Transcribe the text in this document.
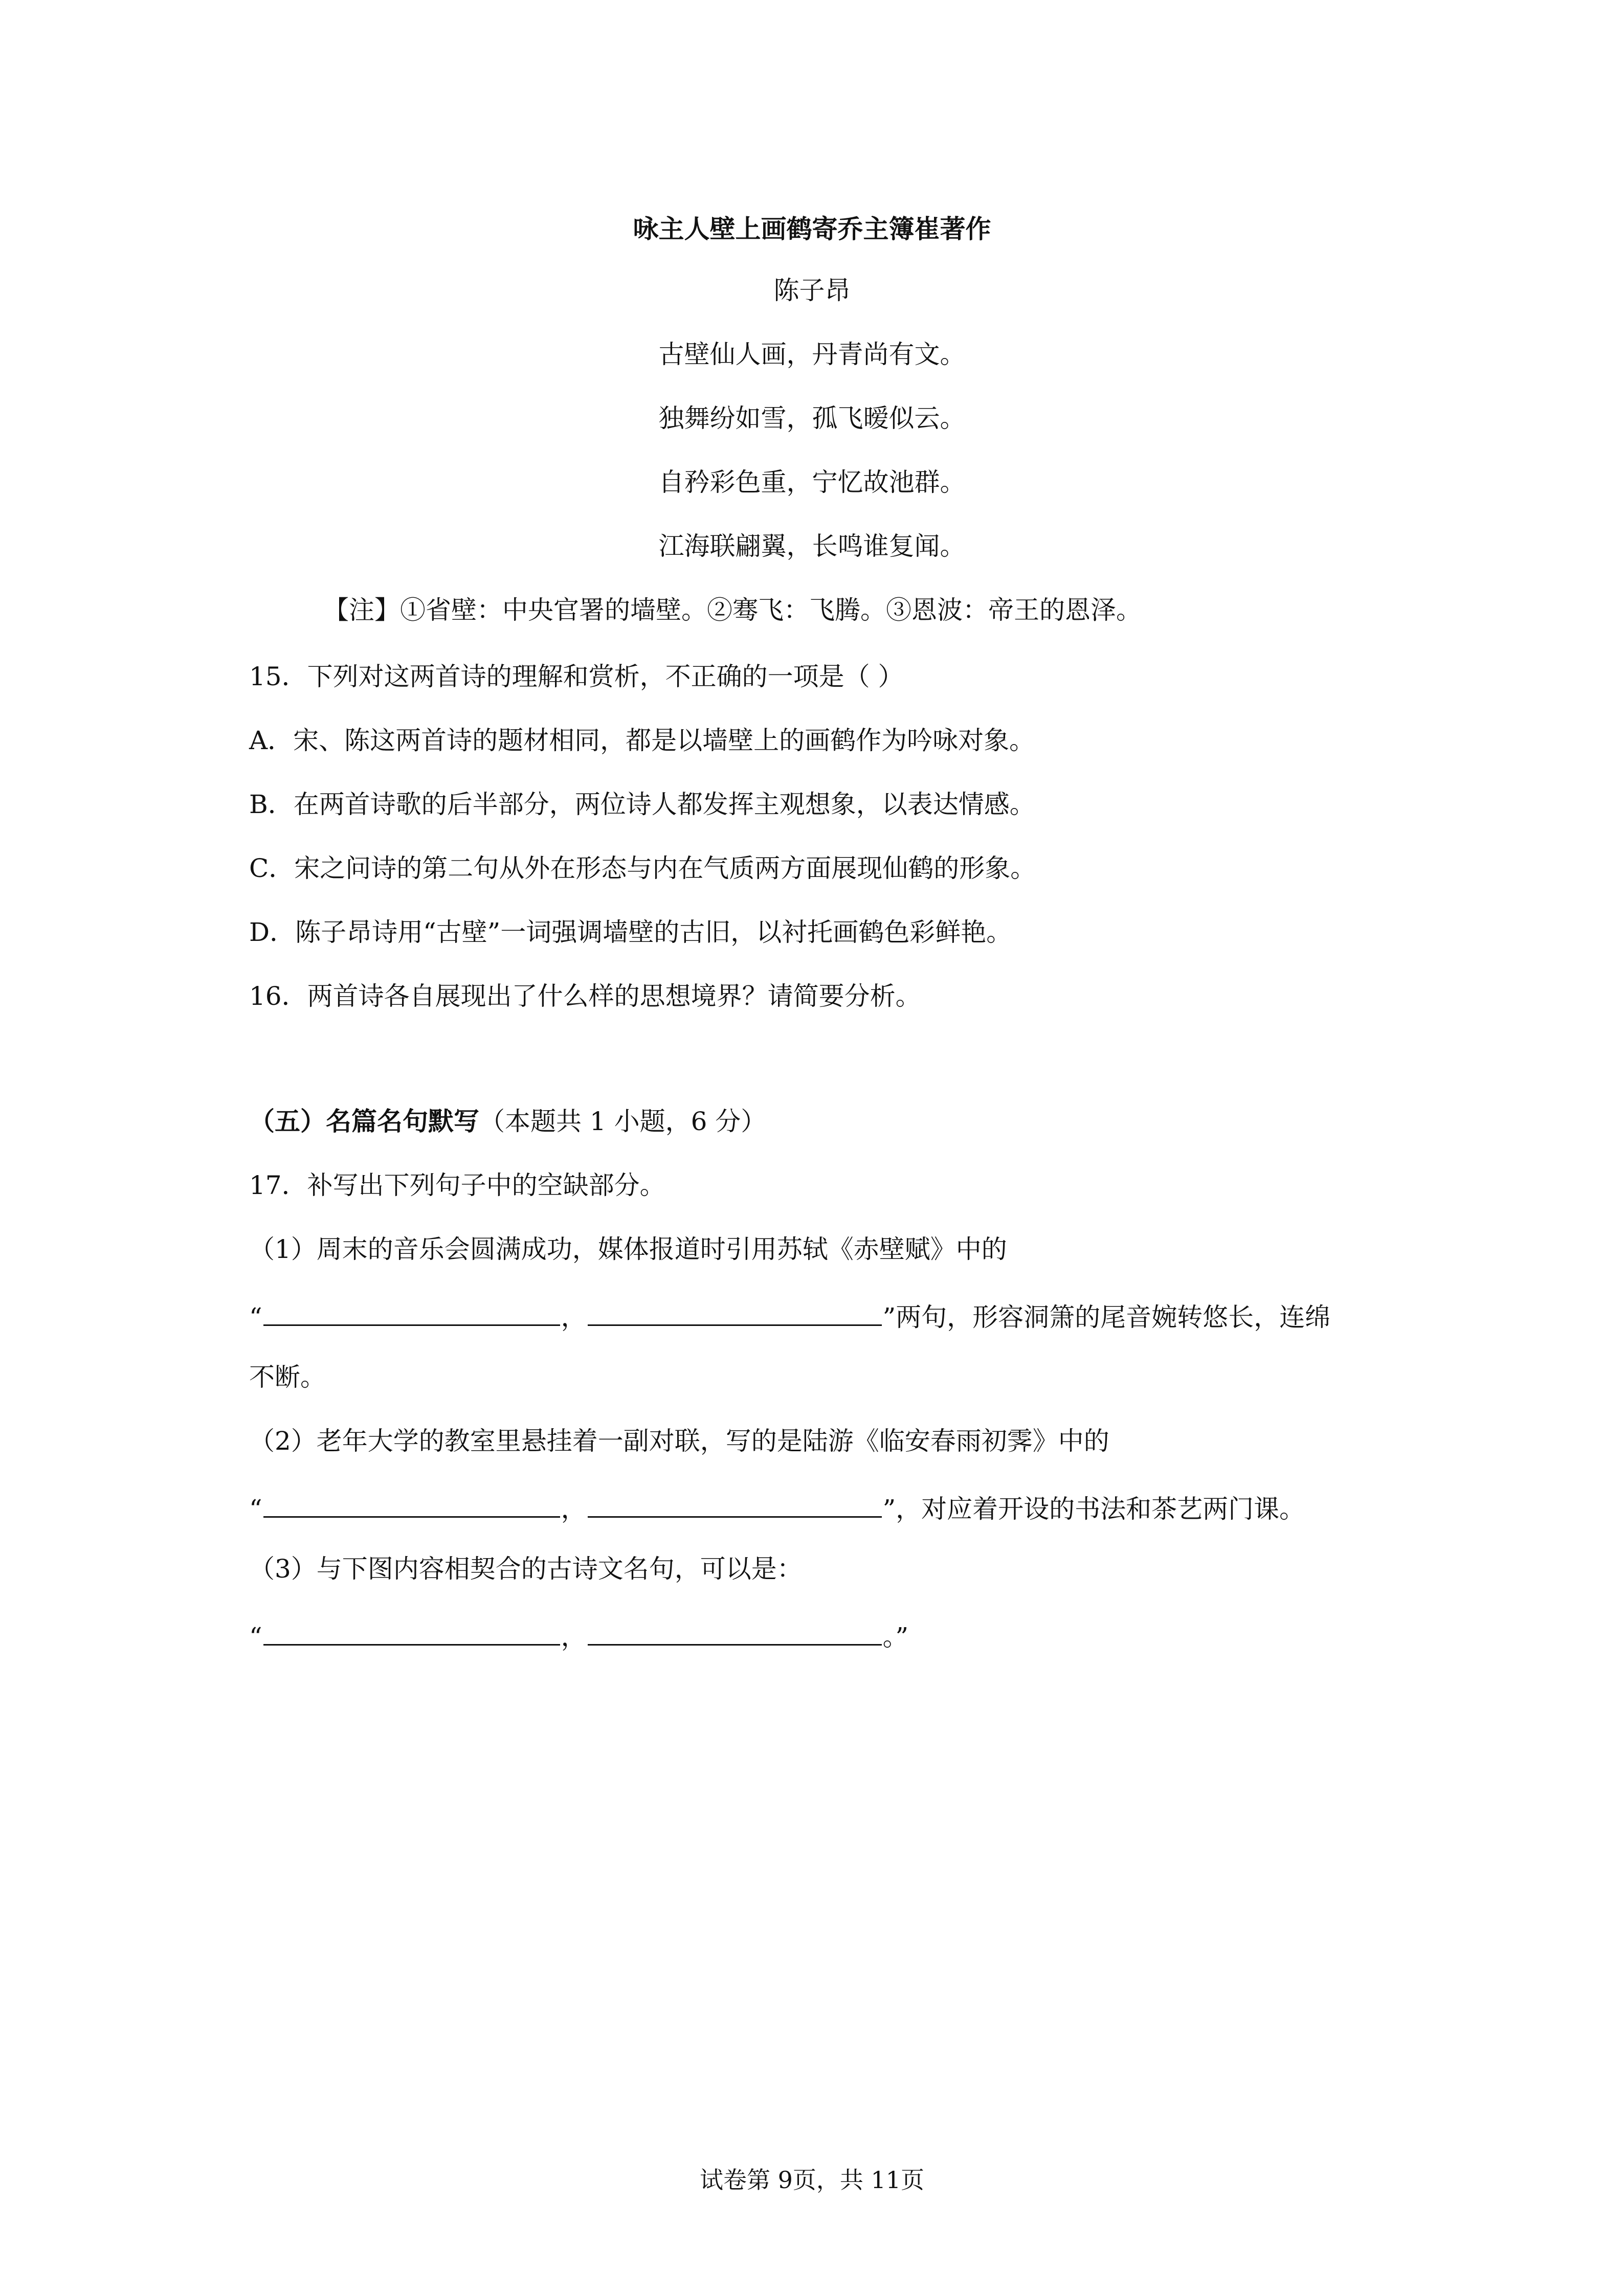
咏主人壁上画鹤寄乔主簿崔著作
陈子昂
古壁仙人画，丹青尚有文。
独舞纷如雪，孤飞暧似云。
自矜彩色重，宁忆故池群。
江海联翩翼，长鸣谁复闻。
【注】①省壁：中央官署的墙壁。②骞飞：飞腾。③恩波：帝王的恩泽。
15．下列对这两首诗的理解和赏析，不正确的一项是（ ）
A．宋、陈这两首诗的题材相同，都是以墙壁上的画鹤作为吟咏对象。
B．在两首诗歌的后半部分，两位诗人都发挥主观想象，以表达情感。
C．宋之问诗的第二句从外在形态与内在气质两方面展现仙鹤的形象。
D．陈子昂诗用“古壁”一词强调墙壁的古旧，以衬托画鹤色彩鲜艳。
16．两首诗各自展现出了什么样的思想境界？请简要分析。
（五）名篇名句默写（本题共 1 小题，6 分）
17．补写出下列句子中的空缺部分。
（1）周末的音乐会圆满成功，媒体报道时引用苏轼《赤壁赋》中的
“	，	”两句，形容洞箫的尾音婉转悠长，连绵
不断。
（2）老年大学的教室里悬挂着一副对联，写的是陆游《临安春雨初霁》中的
“	，	”，对应着开设的书法和茶艺两门课。
（3）与下图内容相契合的古诗文名句，可以是：
“	，	。”
试卷第 9页，共 11页
